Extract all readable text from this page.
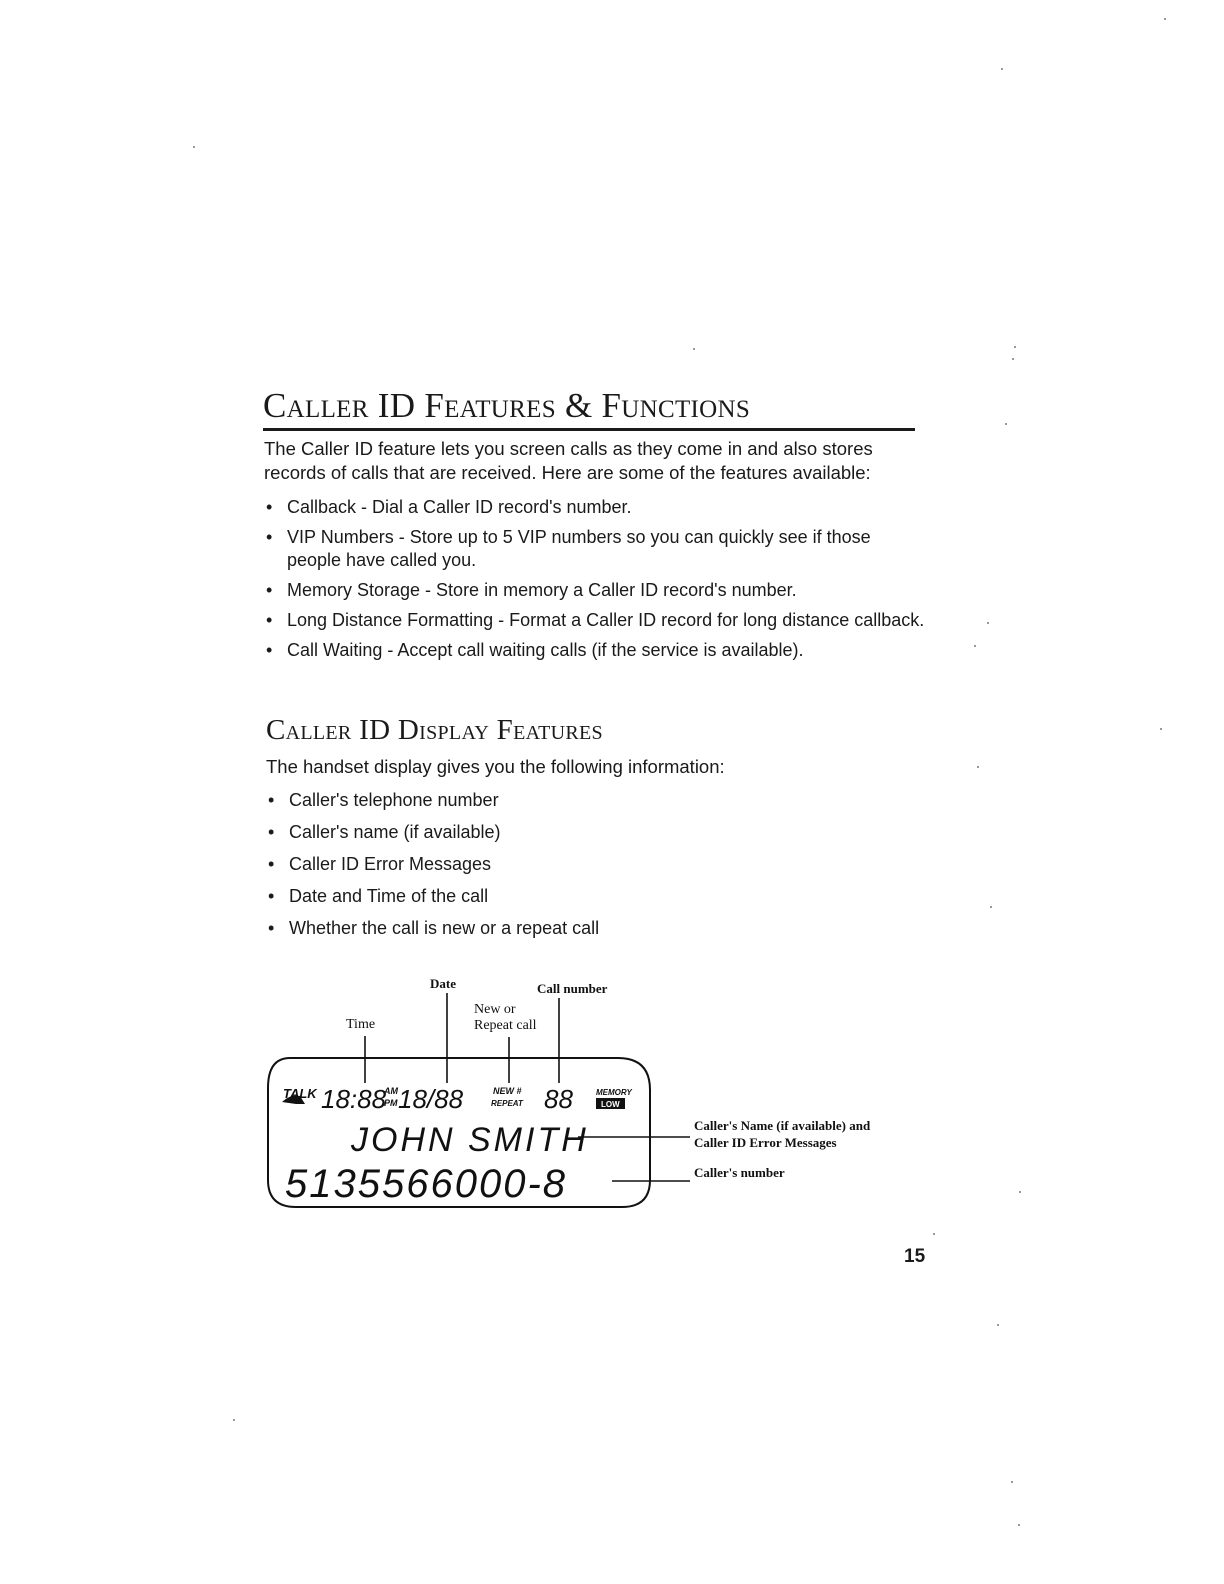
Caller ID Features & Functions

The Caller ID feature lets you screen calls as they come in and also stores records of calls that are received. Here are some of the features available:

• Callback - Dial a Caller ID record's number.
• VIP Numbers - Store up to 5 VIP numbers so you can quickly see if those people have called you.
• Memory Storage - Store in memory a Caller ID record's number.
• Long Distance Formatting - Format a Caller ID record for long distance callback.
• Call Waiting - Accept call waiting calls (if the service is available).
Caller ID Display Features

The handset display gives you the following information:

• Caller's telephone number
• Caller's name (if available)
• Caller ID Error Messages
• Date and Time of the call
• Whether the call is new or a repeat call
Date	Call number
New or
Repeat call
Time
Caller's Name (if available) and
Caller ID Error Messages
Caller's number
TALK 18:88
AM
PM 18/88	NEW #
REPEAT 88	MEMORY
LOW
JOHN SMITH
5135566000-8
15
